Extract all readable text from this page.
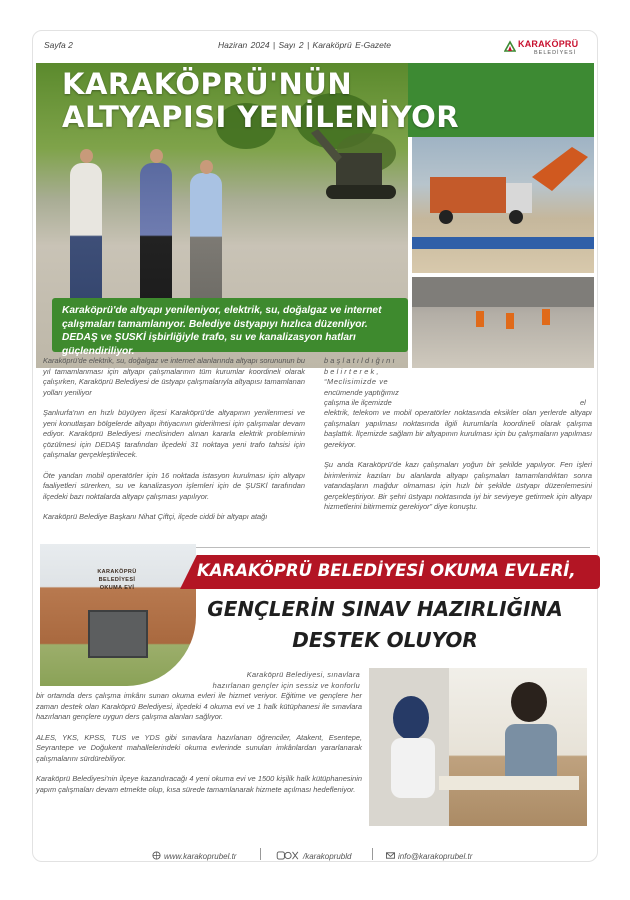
Sayfa 2	Haziran 2024 | Sayı 2 | Karaköprü E-Gazete	KARAKÖPRÜ
BELEDİYESİ
KARAKÖPRÜ'NÜN
ALTYAPISI YENİLENİYOR
Karaköprü'de altyapı yenileniyor, elektrik, su, doğalgaz ve internet çalışmaları tamamlanıyor. Belediye üstyapıyı hızlıca düzenliyor. DEDAŞ ve ŞUSKİ işbirliğiyle trafo, su ve kanalizasyon hatları güçlendiriliyor.

Karaköprü'de elektrik, su, doğalgaz ve internet alanlarında altyapı sorununun bu yıl tamamlanması için altyapı çalışmalarının tüm kurumlar koordineli olarak çalışırken, Karaköprü Belediyesi de üstyapı çalışmalarıyla altyapısı tamamlanan yolları yeniliyor

Şanlıurfa'nın en hızlı büyüyen ilçesi Karaköprü'de altyapının yenilenmesi ve yeni konutlaşan bölgelerde altyapı ihtiyacının giderilmesi için çalışmalar devam ediyor. Karaköprü Belediyesi meclisinden alınan kararla elektrik probleminin çözülmesi için DEDAŞ tarafından ilçedeki 31 noktaya yeni trafo tahsisi için çalışmalar gerçekleştirilecek.

Öte yandan mobil operatörler için 16 noktada istasyon kurulması için altyapı faaliyetleri sürerken, su ve kanalizasyon işlemleri için de ŞUSKİ tarafından ilçedeki bazı noktalarda altyapı çalışması yapılıyor.

Karaköprü Belediye Başkanı Nihat Çiftçi, ilçede ciddi bir altyapı atağı

başlatıldığını
belirterek,
“Meclisimizde ve
encümende yaptığımız
çalışma ile ilçemizde	el

elektrik, telekom ve mobil operatörler noktasında eksikler olan yerlerde altyapı çalışmaları yapılması noktasında ilgili kurumlarla koordineli olarak çalışma başlattık. İlçemizde sağlam bir altyapının kurulması için bu çalışmaların yapılması gerekiyor.

Şu anda Karaköprü'de kazı çalışmaları yoğun bir şekilde yapılıyor. Fen işleri birimlerimiz kazıları bu alanlarda altyapı çalışmaları tamamlandıktan sonra vatandaşların mağdur olmaması için hızlı bir şekilde üstyapı düzenlemesini gerçekleştiriyor. Bir şehri üstyapı noktasında iyi bir seviyeye getirmek için altyapı hizmetlerini bitirmemiz gerekiyor” diye konuştu.

KARAKÖPRÜ
BELEDİYESİ
OKUMA EVİ
KARAKÖPRÜ BELEDİYESİ OKUMA EVLERİ,
GENÇLERİN SINAV HAZIRLIĞINA
DESTEK OLUYOR
Karaköprü Belediyesi, sınavlara
hazırlanan gençler için sessiz ve konforlu

bir ortamda ders çalışma imkânı sunan okuma evleri ile hizmet veriyor. Eğitime ve gençlere her zaman destek olan Karaköprü Belediyesi, ilçedeki 4 okuma evi ve 1 halk kütüphanesi ile sınavlara hazırlanan gençlere uygun ders çalışma alanları sağlıyor.

ALES, YKS, KPSS, TUS ve YDS gibi sınavlara hazırlanan öğrenciler, Atakent, Esentepe, Seyrantepe ve Doğukent mahallelerindeki okuma evlerinde sunulan imkânlardan yararlanarak çalışmalarını sürdürebiliyor.

Karaköprü Belediyesi'nin ilçeye kazandıracağı 4 yeni okuma evi ve 1500 kişilik halk kütüphanesinin yapım çalışmaları devam etmekte olup, kısa sürede tamamlanarak hizmete açılması hedefleniyor.

www.karakoprubel.tr	/karakoprubld	info@karakoprubel.tr
